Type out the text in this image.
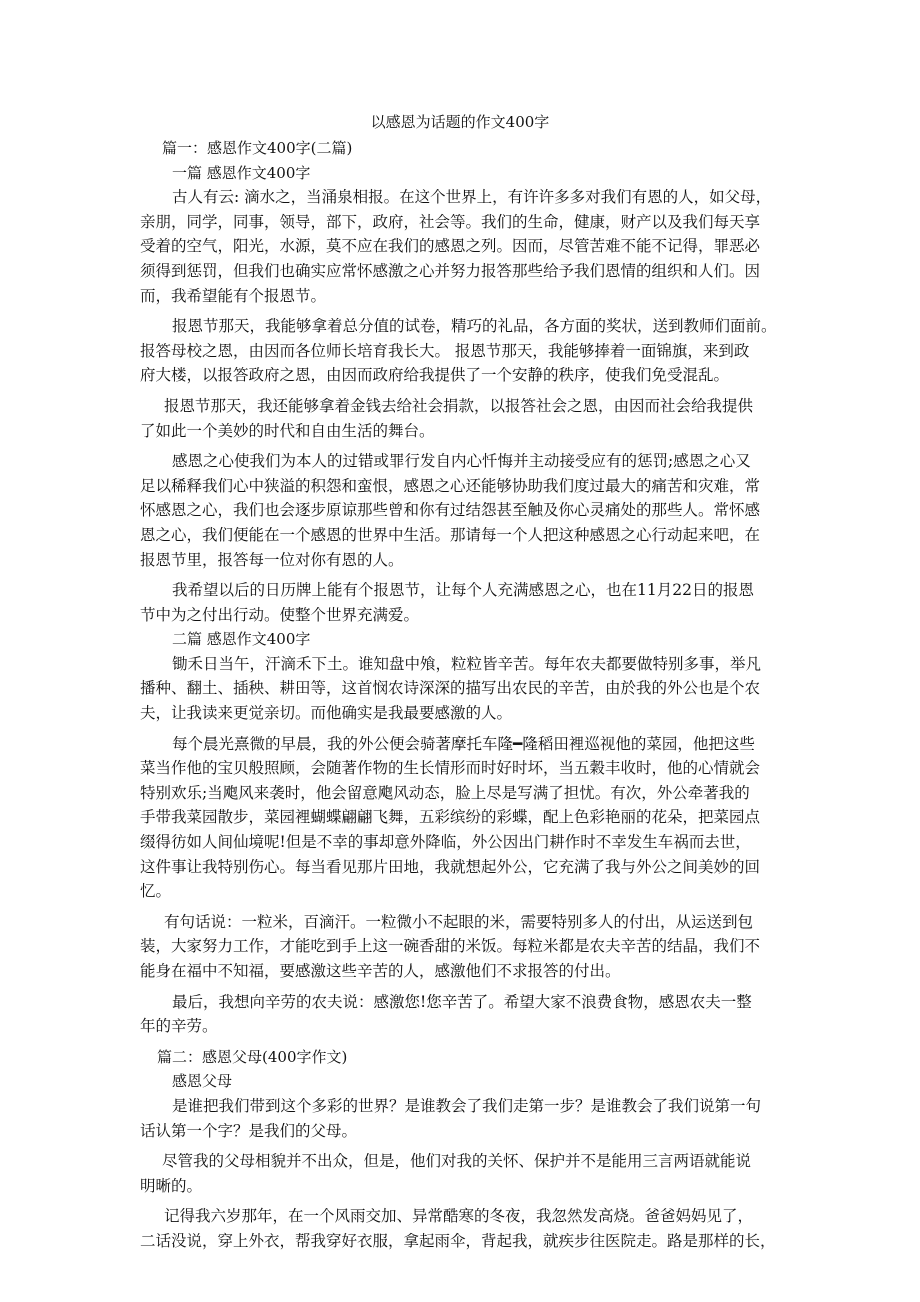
以感恩为话题的作文400字
篇一：感恩作文400字(二篇)
一篇 感恩作文400字
古人有云: 滴水之，当涌泉相报。在这个世界上，有许许多多对我们有恩的人，如父母，
亲朋，同学，同事，领导，部下，政府，社会等。我们的生命，健康，财产以及我们每天享
受着的空气，阳光，水源，莫不应在我们的感恩之列。因而，尽管苦难不能不记得，罪恶必
须得到惩罚，但我们也确实应常怀感激之心并努力报答那些给予我们恩情的组织和人们。因
而，我希望能有个报恩节。
报恩节那天，我能够拿着总分值的试卷，精巧的礼品，各方面的奖状，送到教师们面前。
报答母校之恩，由因而各位师长培育我长大。 报恩节那天，我能够捧着一面锦旗，来到政
府大楼，以报答政府之恩，由因而政府给我提供了一个安静的秩序，使我们免受混乱。
报恩节那天，我还能够拿着金钱去给社会捐款，以报答社会之恩，由因而社会给我提供
了如此一个美妙的时代和自由生活的舞台。
感恩之心使我们为本人的过错或罪行发自内心忏悔并主动接受应有的惩罚;感恩之心又
足以稀释我们心中狭溢的积怨和蛮恨，感恩之心还能够协助我们度过最大的痛苦和灾难，常
怀感恩之心，我们也会逐步原谅那些曾和你有过结怨甚至触及你心灵痛处的那些人。常怀感
恩之心，我们便能在一个感恩的世界中生活。那请每一个人把这种感恩之心行动起来吧，在
报恩节里，报答每一位对你有恩的人。
我希望以后的日历牌上能有个报恩节，让每个人充满感恩之心，也在11月22日的报恩
节中为之付出行动。使整个世界充满爱。
二篇 感恩作文400字
锄禾日当午，汗滴禾下土。谁知盘中飧，粒粒皆辛苦。每年农夫都要做特别多事，举凡
播种、翻土、插秧、耕田等，这首悯农诗深深的描写出农民的辛苦，由於我的外公也是个农
夫，让我读来更觉亲切。而他确实是我最要感激的人。
每个晨光熹微的早晨，我的外公便会骑著摩托车隆━隆稻田裡巡视他的菜园，他把这些
菜当作他的宝贝般照顾，会随著作物的生长情形而时好时坏，当五穀丰收时，他的心情就会
特别欢乐;当飑风来袭时，他会留意飑风动态，脸上尽是写满了担忧。有次，外公牵著我的
手带我菜园散步，菜园裡蝴蝶翩翩飞舞，五彩缤纷的彩蝶，配上色彩艳丽的花朵，把菜园点
缀得彷如人间仙境呢!但是不幸的事却意外降临，外公因出门耕作时不幸发生车祸而去世，
这件事让我特别伤心。每当看见那片田地，我就想起外公，它充满了我与外公之间美妙的回
忆。
有句话说：一粒米，百滴汗。一粒微小不起眼的米，需要特别多人的付出，从运送到包
装，大家努力工作，才能吃到手上这一碗香甜的米饭。每粒米都是农夫辛苦的结晶，我们不
能身在福中不知福，要感激这些辛苦的人，感激他们不求报答的付出。
最后，我想向辛劳的农夫说：感激您!您辛苦了。希望大家不浪费食物，感恩农夫一整
年的辛劳。
篇二：感恩父母(400字作文)
感恩父母
是谁把我们带到这个多彩的世界？是谁教会了我们走第一步？是谁教会了我们说第一句
话认第一个字？是我们的父母。
尽管我的父母相貌并不出众，但是，他们对我的关怀、保护并不是能用三言两语就能说
明晰的。
记得我六岁那年，在一个风雨交加、异常酷寒的冬夜，我忽然发高烧。爸爸妈妈见了，
二话没说，穿上外衣，帮我穿好衣服，拿起雨伞，背起我，就疾步往医院走。路是那样的长，
